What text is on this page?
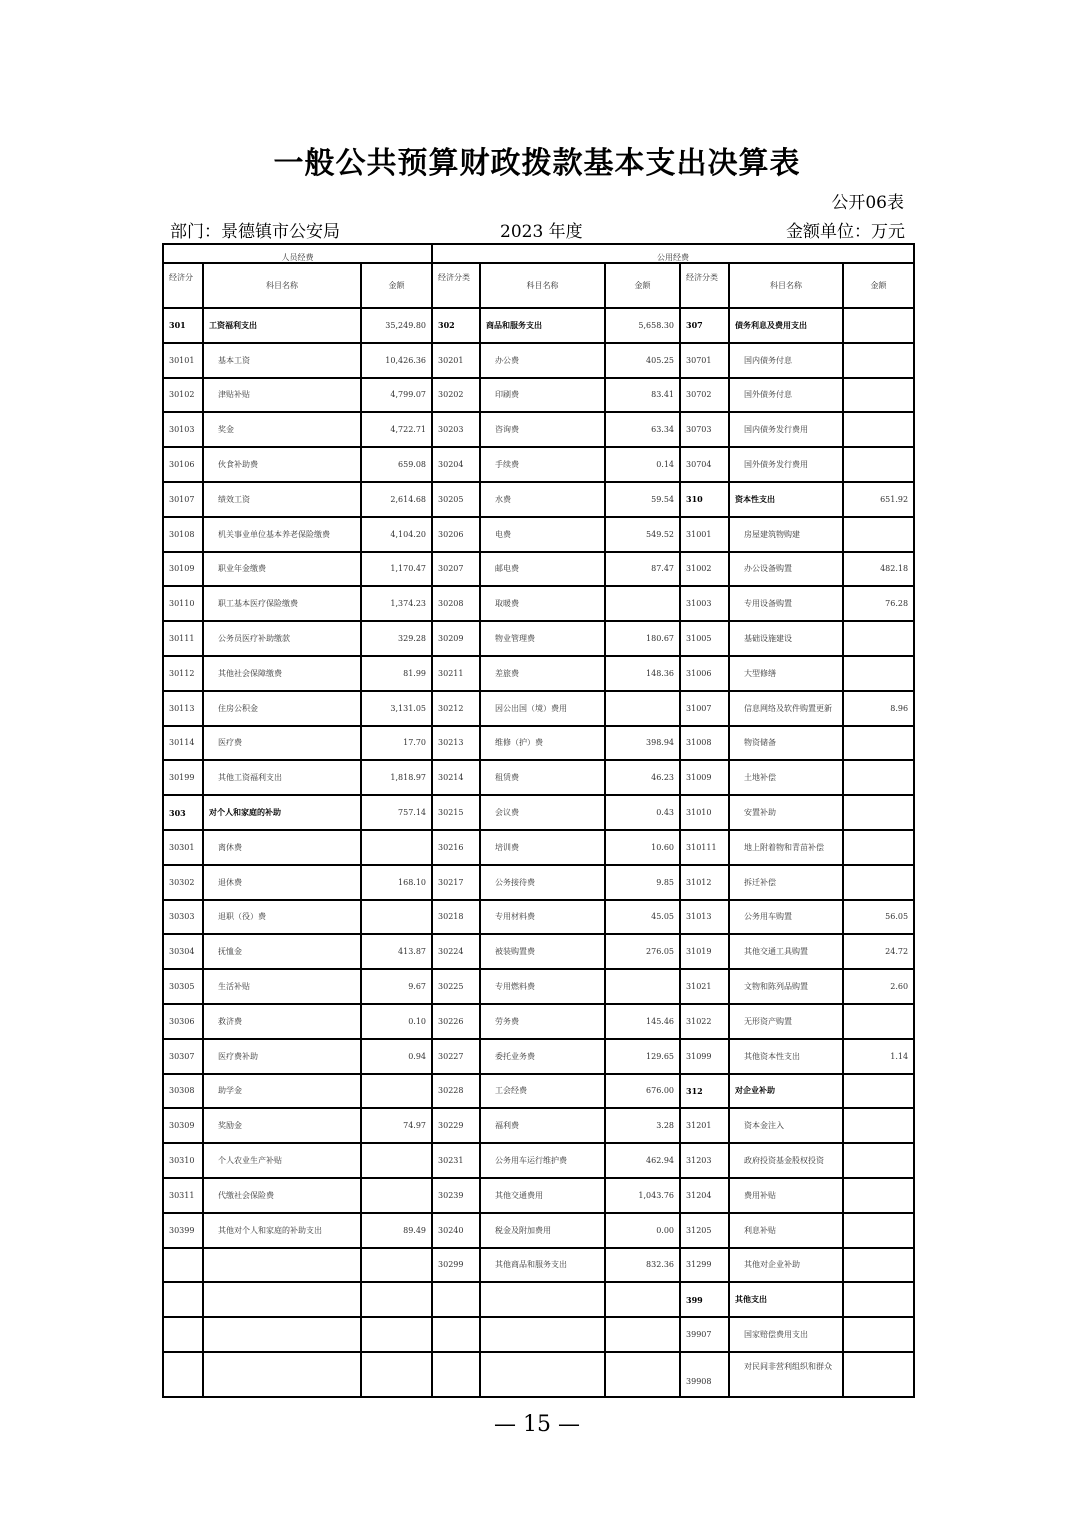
一般公共预算财政拨款基本支出决算表
公开06表
部门：景德镇市公安局	2023 年度	金额单位：万元
人员经费			公用经费					
经济分	科目名称	金额	经济分类	科目名称	金额	经济分类	科目名称	金额
301	工资福利支出	35,249.80	302	商品和服务支出	5,658.30	307	债务利息及费用支出	
30101	基本工资	10,426.36	30201	办公费	405.25	30701	国内债务付息	
30102	津贴补贴	4,799.07	30202	印刷费	83.41	30702	国外债务付息	
30103	奖金	4,722.71	30203	咨询费	63.34	30703	国内债务发行费用	
30106	伙食补助费	659.08	30204	手续费	0.14	30704	国外债务发行费用	
30107	绩效工资	2,614.68	30205	水费	59.54	310	资本性支出	651.92
30108	机关事业单位基本养老保险缴费	4,104.20	30206	电费	549.52	31001	房屋建筑物购建	
30109	职业年金缴费	1,170.47	30207	邮电费	87.47	31002	办公设备购置	482.18
30110	职工基本医疗保险缴费	1,374.23	30208	取暖费		31003	专用设备购置	76.28
30111	公务员医疗补助缴款	329.28	30209	物业管理费	180.67	31005	基础设施建设	
30112	其他社会保障缴费	81.99	30211	差旅费	148.36	31006	大型修缮	
30113	住房公积金	3,131.05	30212	因公出国（境）费用		31007	信息网络及软件购置更新	8.96
30114	医疗费	17.70	30213	维修（护）费	398.94	31008	物资储备	
30199	其他工资福利支出	1,818.97	30214	租赁费	46.23	31009	土地补偿	
303	对个人和家庭的补助	757.14	30215	会议费	0.43	31010	安置补助	
30301	离休费		30216	培训费	10.60	310111	地上附着物和青苗补偿	
30302	退休费	168.10	30217	公务接待费	9.85	31012	拆迁补偿	
30303	退职（役）费		30218	专用材料费	45.05	31013	公务用车购置	56.05
30304	抚恤金	413.87	30224	被装购置费	276.05	31019	其他交通工具购置	24.72
30305	生活补贴	9.67	30225	专用燃料费		31021	文物和陈列品购置	2.60
30306	救济费	0.10	30226	劳务费	145.46	31022	无形资产购置	
30307	医疗费补助	0.94	30227	委托业务费	129.65	31099	其他资本性支出	1.14
30308	助学金		30228	工会经费	676.00	312	对企业补助	
30309	奖励金	74.97	30229	福利费	3.28	31201	资本金注入	
30310	个人农业生产补贴		30231	公务用车运行维护费	462.94	31203	政府投资基金股权投资	
30311	代缴社会保险费		30239	其他交通费用	1,043.76	31204	费用补贴	
30399	其他对个人和家庭的补助支出	89.49	30240	税金及附加费用	0.00	31205	利息补贴	
			30299	其他商品和服务支出	832.36	31299	其他对企业补助	
						399	其他支出	
						39907	国家赔偿费用支出	
						39908	对民间非营利组织和群众	
— 15 —
